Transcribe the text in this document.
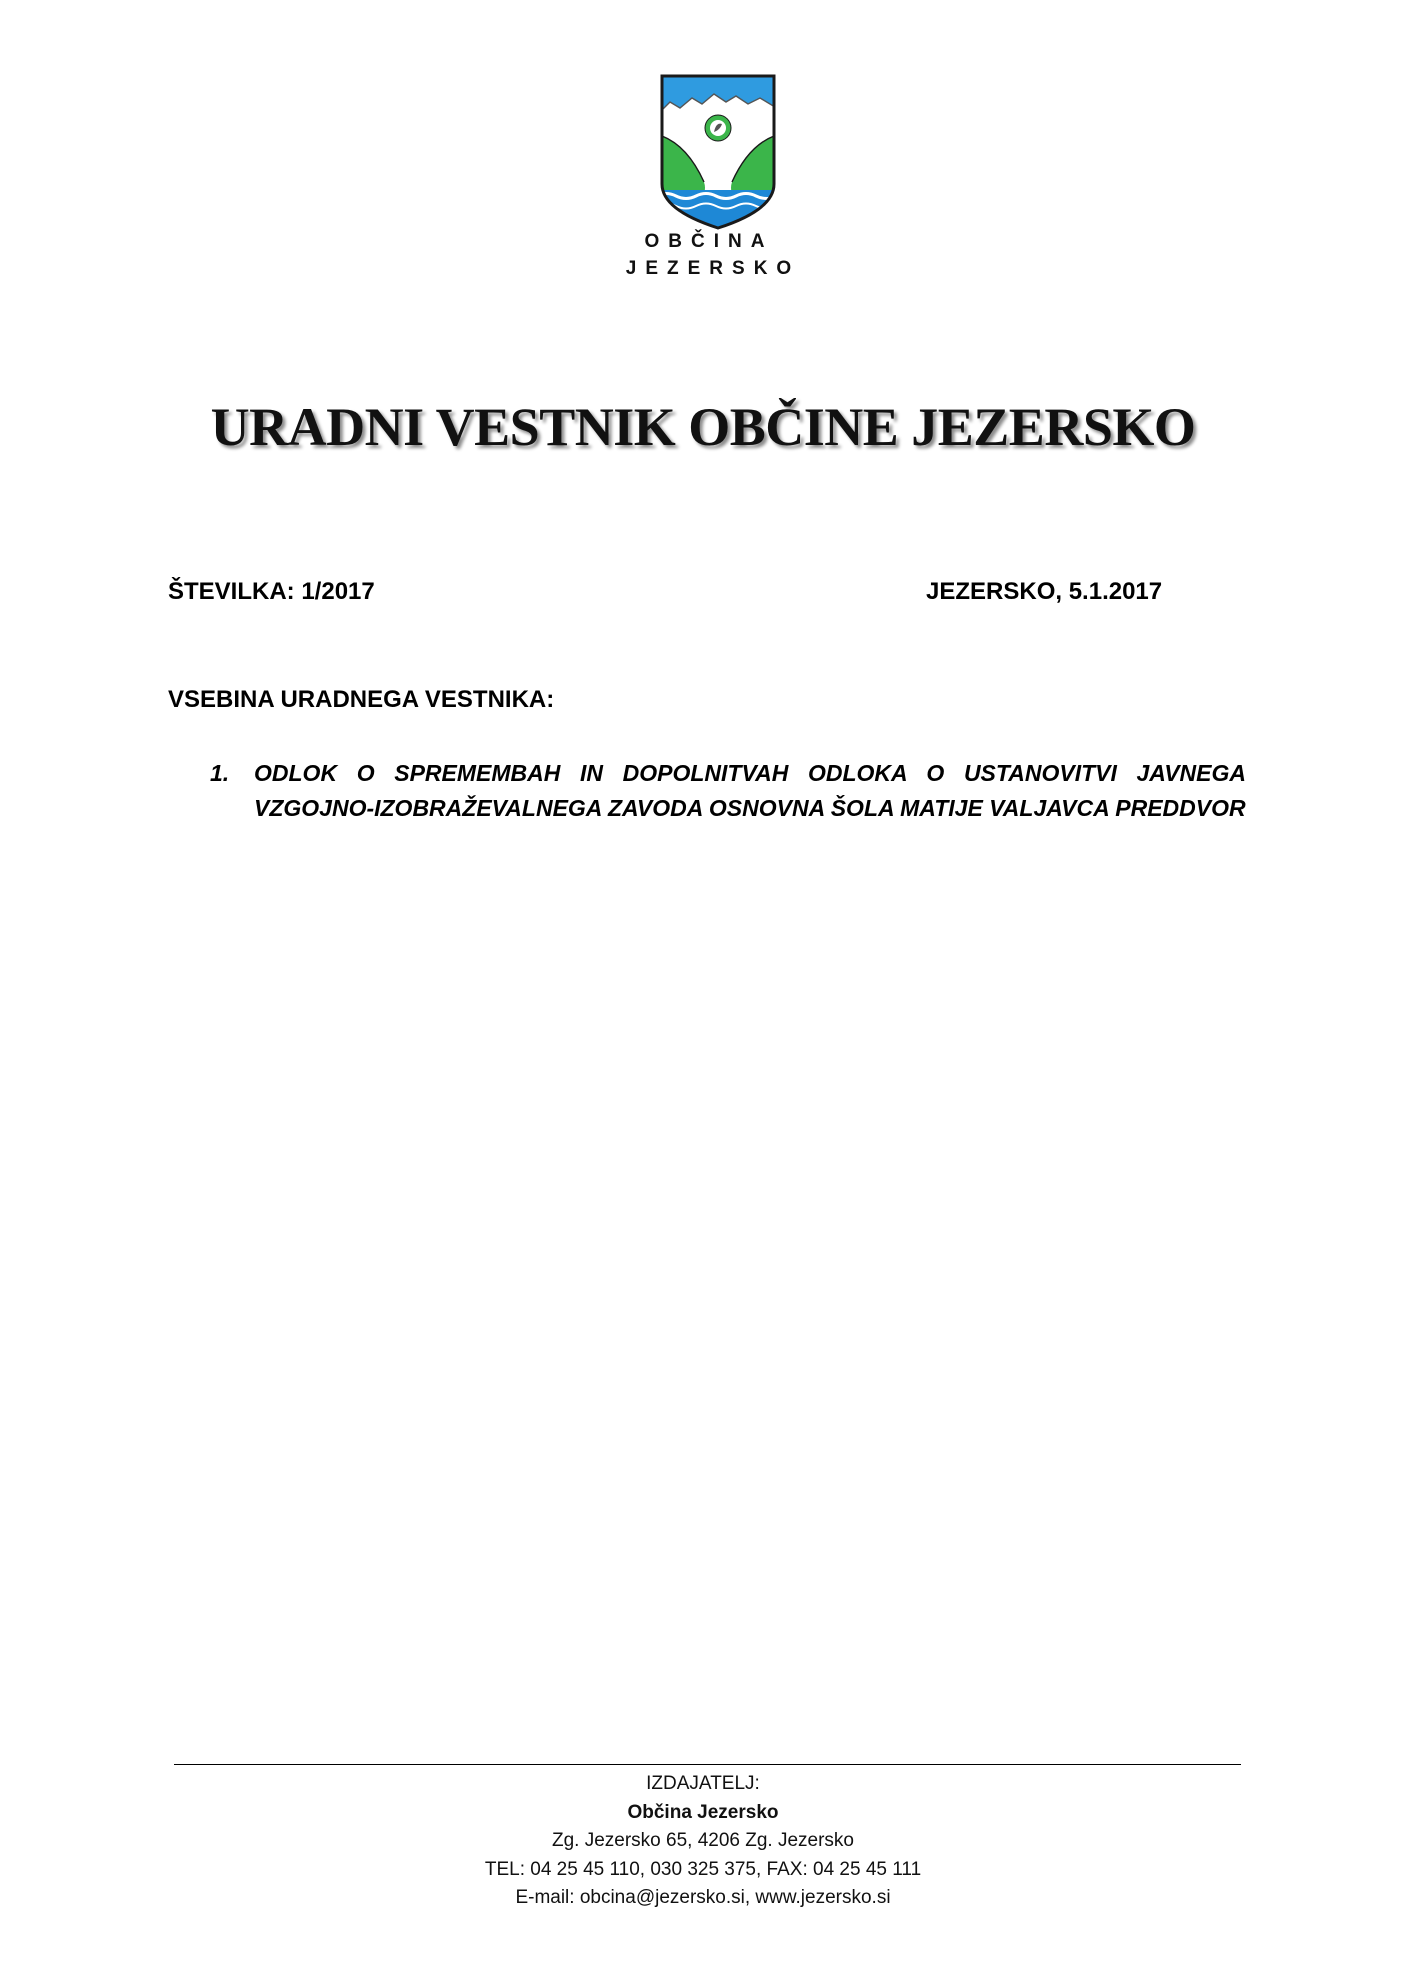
OBČINA
JEZERSKO
URADNI VESTNIK OBČINE JEZERSKO
ŠTEVILKA: 1/2017	JEZERSKO, 5.1.2017
VSEBINA URADNEGA VESTNIKA:
1.	ODLOK O SPREMEMBAH IN DOPOLNITVAH ODLOKA O USTANOVITVI JAVNEGA VZGOJNO-IZOBRAŽEVALNEGA ZAVODA OSNOVNA ŠOLA MATIJE VALJAVCA PREDDVOR
IZDAJATELJ:
Občina Jezersko
Zg. Jezersko 65, 4206 Zg. Jezersko
TEL: 04 25 45 110, 030 325 375, FAX: 04 25 45 111
E-mail: obcina@jezersko.si, www.jezersko.si
